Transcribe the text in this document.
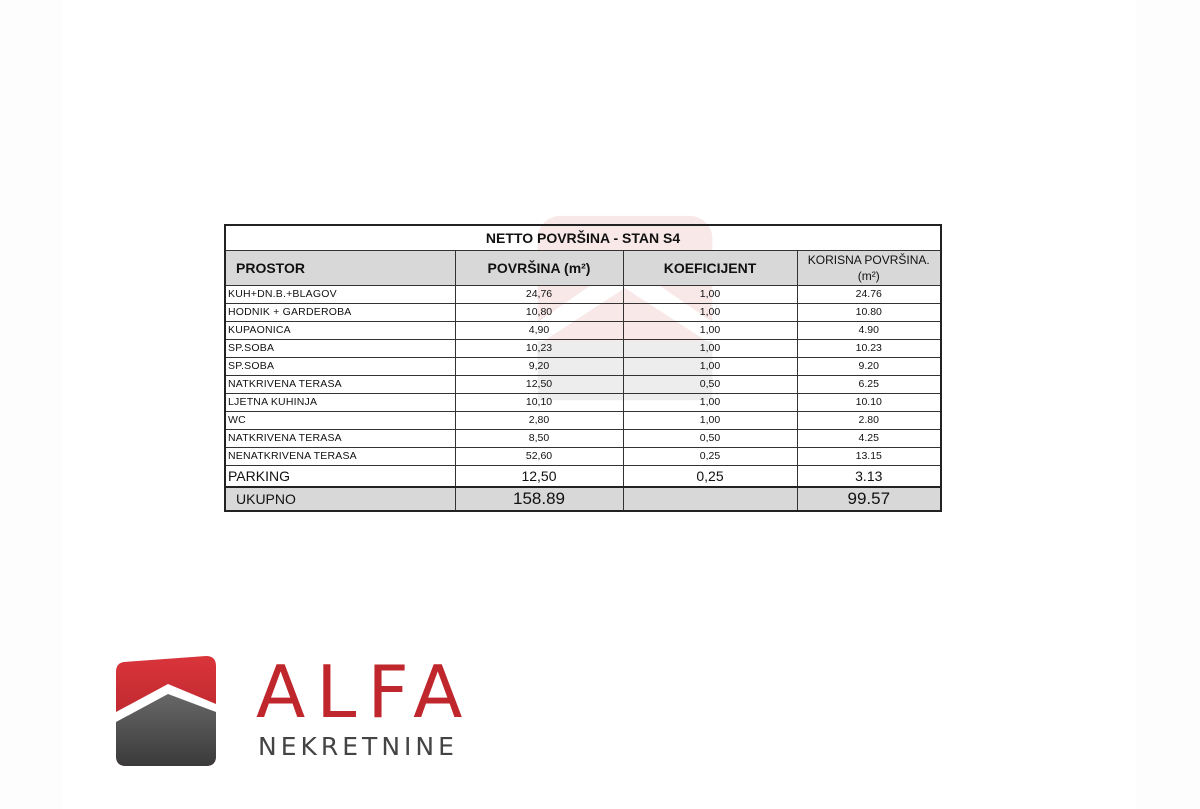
NETTO POVRŠINA - STAN S4			
PROSTOR	POVRŠINA (m²)	KOEFICIJENT	KORISNA POVRŠINA. (m²)
KUH+DN.B.+BLAGOV	24,76	1,00	24.76
HODNIK + GARDEROBA	10,80	1,00	10.80
KUPAONICA	4,90	1,00	4.90
SP.SOBA	10,23	1,00	10.23
SP.SOBA	9,20	1,00	9.20
NATKRIVENA TERASA	12,50	0,50	6.25
LJETNA KUHINJA	10,10	1,00	10.10
WC	2,80	1,00	2.80
NATKRIVENA TERASA	8,50	0,50	4.25
NENATKRIVENA TERASA	52,60	0,25	13.15
PARKING	12,50	0,25	3.13
UKUPNO	158.89		99.57
ALFA
NEKRETNINE
